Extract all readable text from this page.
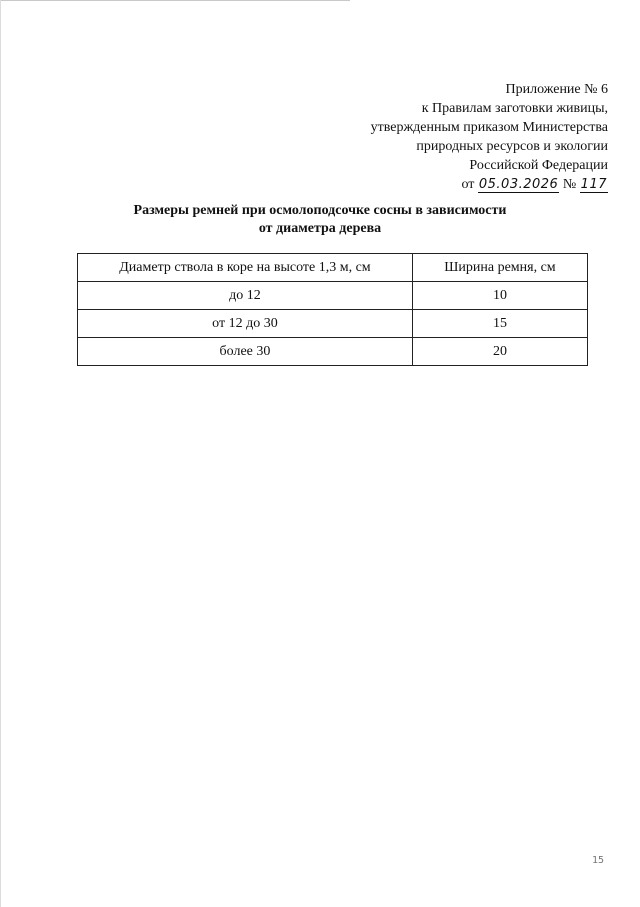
Приложение № 6
к Правилам заготовки живицы,
утвержденным приказом Министерства
природных ресурсов и экологии
Российской Федерации
от 05.03.2026 № 117
Размеры ремней при осмолоподсочке сосны в зависимости
от диаметра дерева
Диаметр ствола в коре на высоте 1,3 м, см	Ширина ремня, см
до 12	10
от 12 до 30	15
более 30	20
15
